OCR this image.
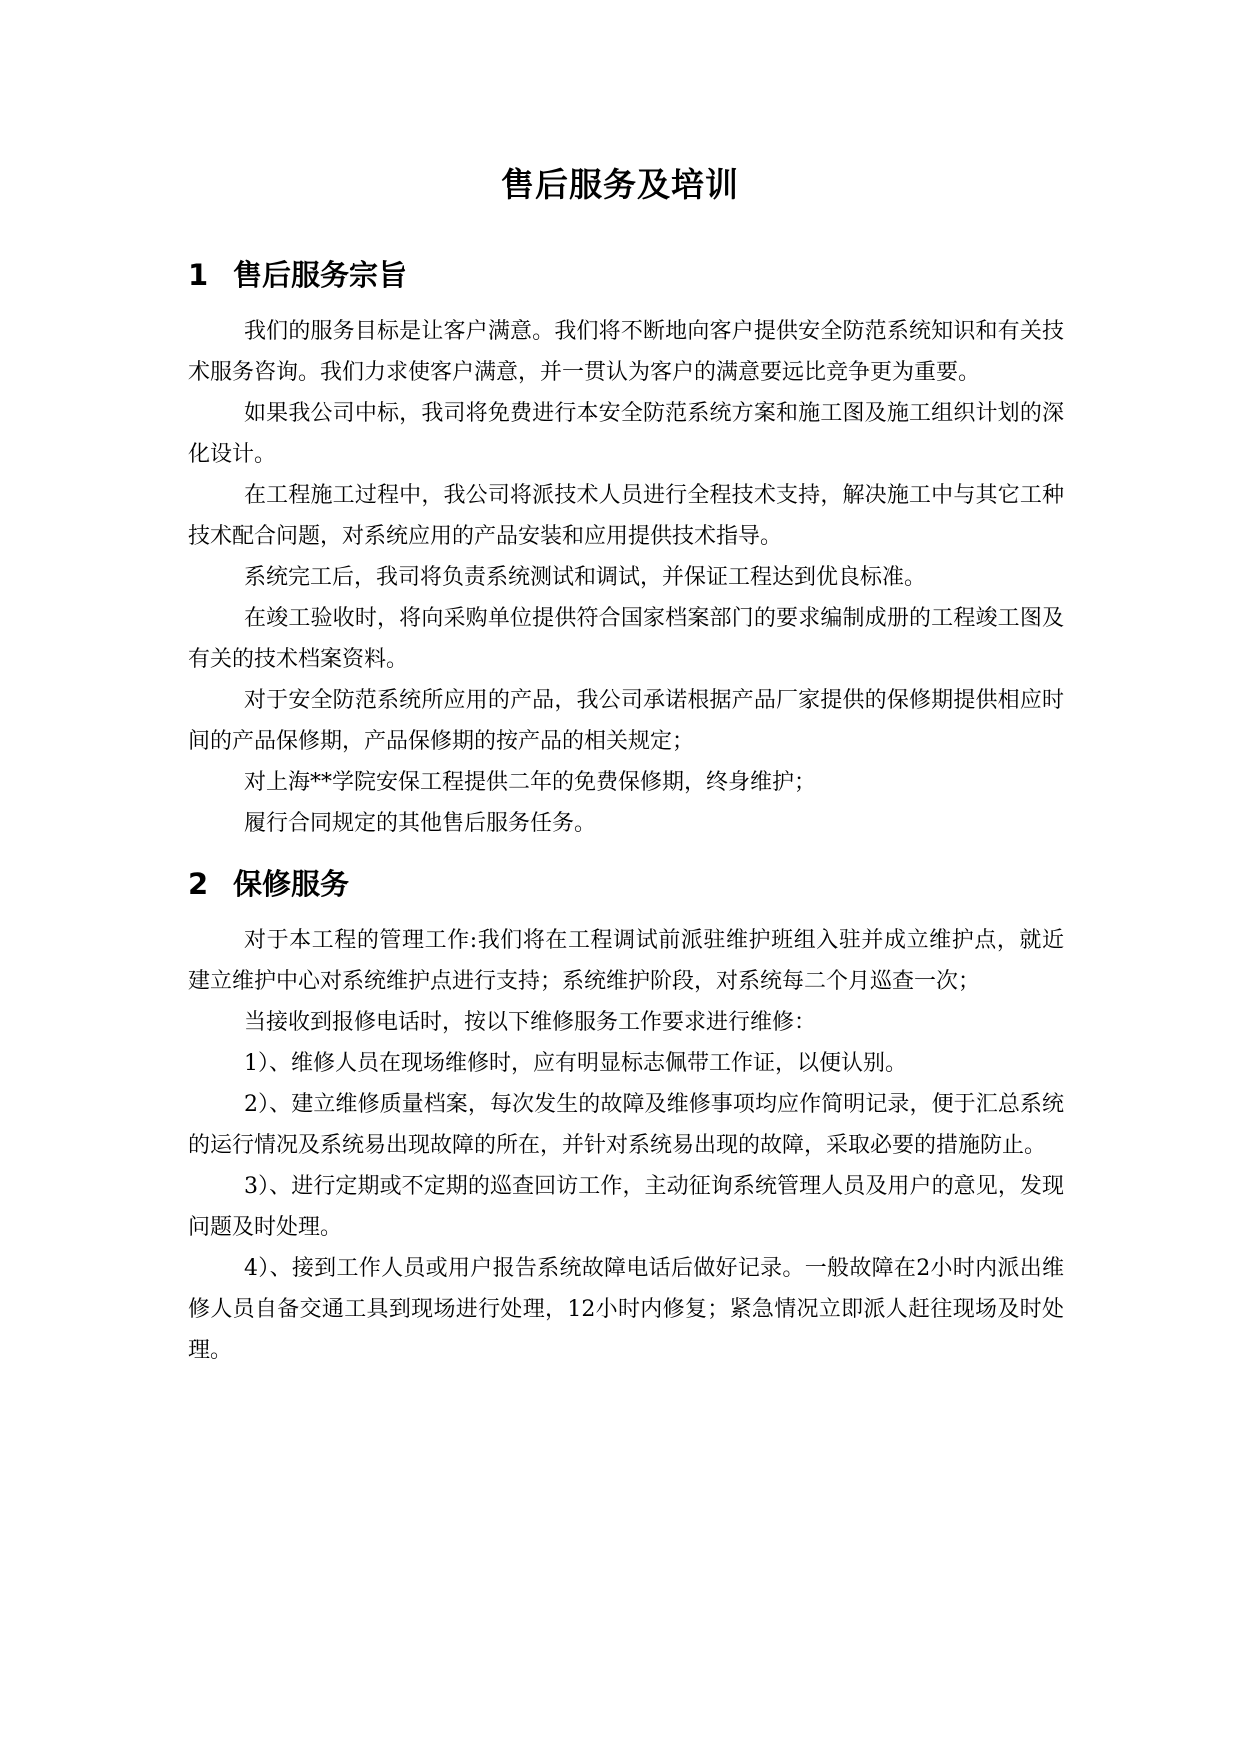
售后服务及培训
1 售后服务宗旨

我们的服务目标是让客户满意。我们将不断地向客户提供安全防范系统知识和有关技术服务咨询。我们力求使客户满意，并一贯认为客户的满意要远比竞争更为重要。

如果我公司中标，我司将免费进行本安全防范系统方案和施工图及施工组织计划的深化设计。

在工程施工过程中，我公司将派技术人员进行全程技术支持，解决施工中与其它工种技术配合问题，对系统应用的产品安装和应用提供技术指导。

系统完工后，我司将负责系统测试和调试，并保证工程达到优良标准。

在竣工验收时，将向采购单位提供符合国家档案部门的要求编制成册的工程竣工图及有关的技术档案资料。

对于安全防范系统所应用的产品，我公司承诺根据产品厂家提供的保修期提供相应时间的产品保修期，产品保修期的按产品的相关规定；

对上海**学院安保工程提供二年的免费保修期，终身维护；

履行合同规定的其他售后服务任务。

2 保修服务

对于本工程的管理工作:我们将在工程调试前派驻维护班组入驻并成立维护点，就近建立维护中心对系统维护点进行支持；系统维护阶段，对系统每二个月巡查一次；

当接收到报修电话时，按以下维修服务工作要求进行维修：

1）、维修人员在现场维修时，应有明显标志佩带工作证，以便认别。

2）、建立维修质量档案，每次发生的故障及维修事项均应作简明记录，便于汇总系统的运行情况及系统易出现故障的所在，并针对系统易出现的故障，采取必要的措施防止。

3）、进行定期或不定期的巡查回访工作，主动征询系统管理人员及用户的意见，发现问题及时处理。

4）、接到工作人员或用户报告系统故障电话后做好记录。一般故障在2小时内派出维修人员自备交通工具到现场进行处理，12小时内修复；紧急情况立即派人赶往现场及时处理。
